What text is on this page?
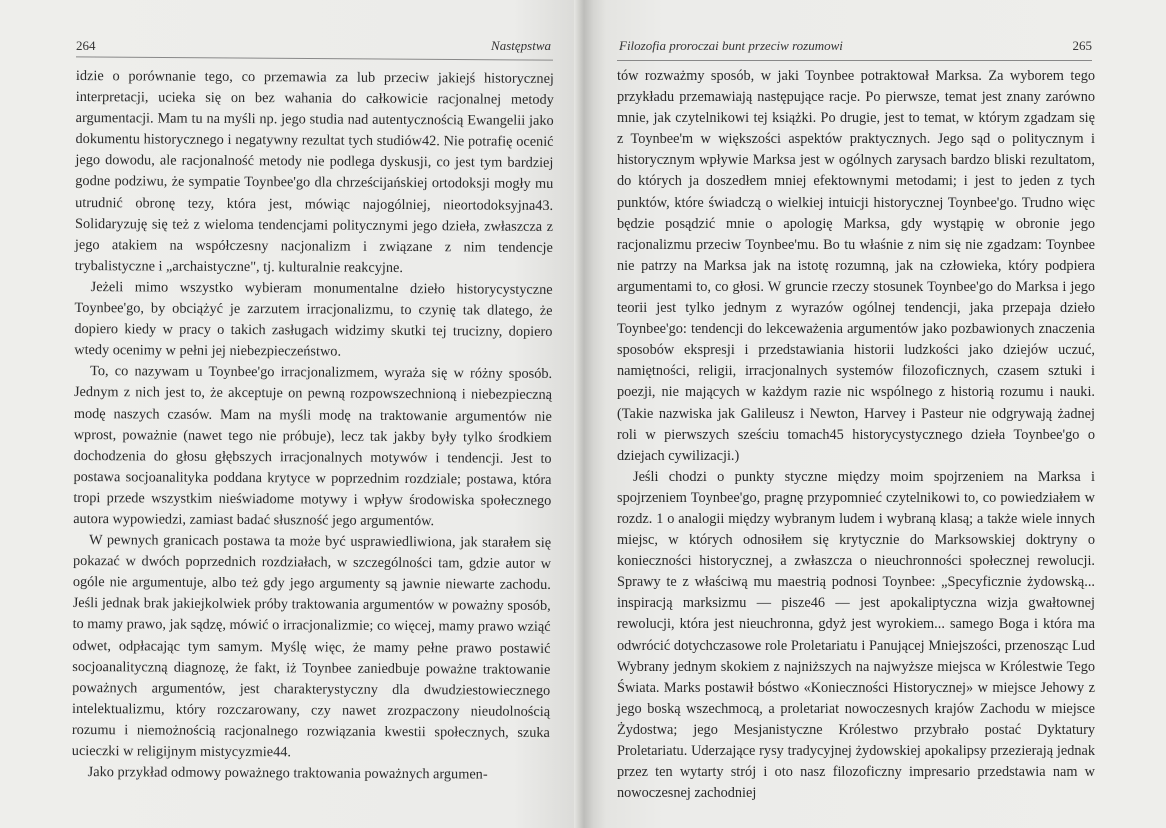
264	Następstwa

idzie o porównanie tego, co przemawia za lub przeciw jakiejś historycznej interpretacji, ucieka się on bez wahania do całkowicie racjonalnej metody argumentacji. Mam tu na myśli np. jego studia nad autentycznością Ewangelii jako dokumentu historycznego i negatywny rezultat tych studiów42. Nie potrafię ocenić jego dowodu, ale racjonalność metody nie podlega dyskusji, co jest tym bardziej godne podziwu, że sympatie Toynbee'go dla chrześcijańskiej ortodoksji mogły mu utrudnić obronę tezy, która jest, mówiąc najogólniej, nieortodoksyjna43. Solidaryzuję się też z wieloma tendencjami politycznymi jego dzieła, zwłaszcza z jego atakiem na współczesny nacjonalizm i związane z nim tendencje trybalistyczne i „archaistyczne", tj. kulturalnie reakcyjne.

Jeżeli mimo wszystko wybieram monumentalne dzieło historycystyczne Toynbee'go, by obciążyć je zarzutem irracjonalizmu, to czynię tak dlatego, że dopiero kiedy w pracy o takich zasługach widzimy skutki tej trucizny, dopiero wtedy ocenimy w pełni jej niebezpieczeństwo.

To, co nazywam u Toynbee'go irracjonalizmem, wyraża się w różny sposób. Jednym z nich jest to, że akceptuje on pewną rozpowszechnioną i niebezpieczną modę naszych czasów. Mam na myśli modę na traktowanie argumentów nie wprost, poważnie (nawet tego nie próbuje), lecz tak jakby były tylko środkiem dochodzenia do głosu głębszych irracjonalnych motywów i tendencji. Jest to postawa socjoanalityka poddana krytyce w poprzednim rozdziale; postawa, która tropi przede wszystkim nieświadome motywy i wpływ środowiska społecznego autora wypowiedzi, zamiast badać słuszność jego argumentów.

W pewnych granicach postawa ta może być usprawiedliwiona, jak starałem się pokazać w dwóch poprzednich rozdziałach, w szczególności tam, gdzie autor w ogóle nie argumentuje, albo też gdy jego argumenty są jawnie niewarte zachodu. Jeśli jednak brak jakiejkolwiek próby traktowania argumentów w poważny sposób, to mamy prawo, jak sądzę, mówić o irracjonalizmie; co więcej, mamy prawo wziąć odwet, odpłacając tym samym. Myślę więc, że mamy pełne prawo postawić socjoanalityczną diagnozę, że fakt, iż Toynbee zaniedbuje poważne traktowanie poważnych argumentów, jest charakterystyczny dla dwudziestowiecznego intelektualizmu, który rozczarowany, czy nawet zrozpaczony nieudolnością rozumu i niemożnością racjonalnego rozwiązania kwestii społecznych, szuka ucieczki w religijnym mistycyzmie44.

Jako przykład odmowy poważnego traktowania poważnych argumen-

Filozofia proroczai bunt przeciw rozumowi	265

tów rozważmy sposób, w jaki Toynbee potraktował Marksa. Za wyborem tego przykładu przemawiają następujące racje. Po pierwsze, temat jest znany zarówno mnie, jak czytelnikowi tej książki. Po drugie, jest to temat, w którym zgadzam się z Toynbee'm w większości aspektów praktycznych. Jego sąd o politycznym i historycznym wpływie Marksa jest w ogólnych zarysach bardzo bliski rezultatom, do których ja doszedłem mniej efektownymi metodami; i jest to jeden z tych punktów, które świadczą o wielkiej intuicji historycznej Toynbee'go. Trudno więc będzie posądzić mnie o apologię Marksa, gdy wystąpię w obronie jego racjonalizmu przeciw Toynbee'mu. Bo tu właśnie z nim się nie zgadzam: Toynbee nie patrzy na Marksa jak na istotę rozumną, jak na człowieka, który podpiera argumentami to, co głosi. W gruncie rzeczy stosunek Toynbee'go do Marksa i jego teorii jest tylko jednym z wyrazów ogólnej tendencji, jaka przepaja dzieło Toynbee'go: tendencji do lekceważenia argumentów jako pozbawionych znaczenia sposobów ekspresji i przedstawiania historii ludzkości jako dziejów uczuć, namiętności, religii, irracjonalnych systemów filozoficznych, czasem sztuki i poezji, nie mających w każdym razie nic wspólnego z historią rozumu i nauki. (Takie nazwiska jak Galileusz i Newton, Harvey i Pasteur nie odgrywają żadnej roli w pierwszych sześciu tomach45 historycystycznego dzieła Toynbee'go o dziejach cywilizacji.)

Jeśli chodzi o punkty styczne między moim spojrzeniem na Marksa i spojrzeniem Toynbee'go, pragnę przypomnieć czytelnikowi to, co powiedziałem w rozdz. 1 o analogii między wybranym ludem i wybraną klasą; a także wiele innych miejsc, w których odnosiłem się krytycznie do Marksowskiej doktryny o konieczności historycznej, a zwłaszcza o nieuchronności społecznej rewolucji. Sprawy te z właściwą mu maestrią podnosi Toynbee: „Specyficznie żydowską... inspiracją marksizmu — pisze46 — jest apokaliptyczna wizja gwałtownej rewolucji, która jest nieuchronna, gdyż jest wyrokiem... samego Boga i która ma odwrócić dotychczasowe role Proletariatu i Panującej Mniejszości, przenosząc Lud Wybrany jednym skokiem z najniższych na najwyższe miejsca w Królestwie Tego Świata. Marks postawił bóstwo «Konieczności Historycznej» w miejsce Jehowy z jego boską wszechmocą, a proletariat nowoczesnych krajów Zachodu w miejsce Żydostwa; jego Mesjanistyczne Królestwo przybrało postać Dyktatury Proletariatu. Uderzające rysy tradycyjnej żydowskiej apokalipsy przezierają jednak przez ten wytarty strój i oto nasz filozoficzny impresario przedstawia nam w nowoczesnej zachodniej
